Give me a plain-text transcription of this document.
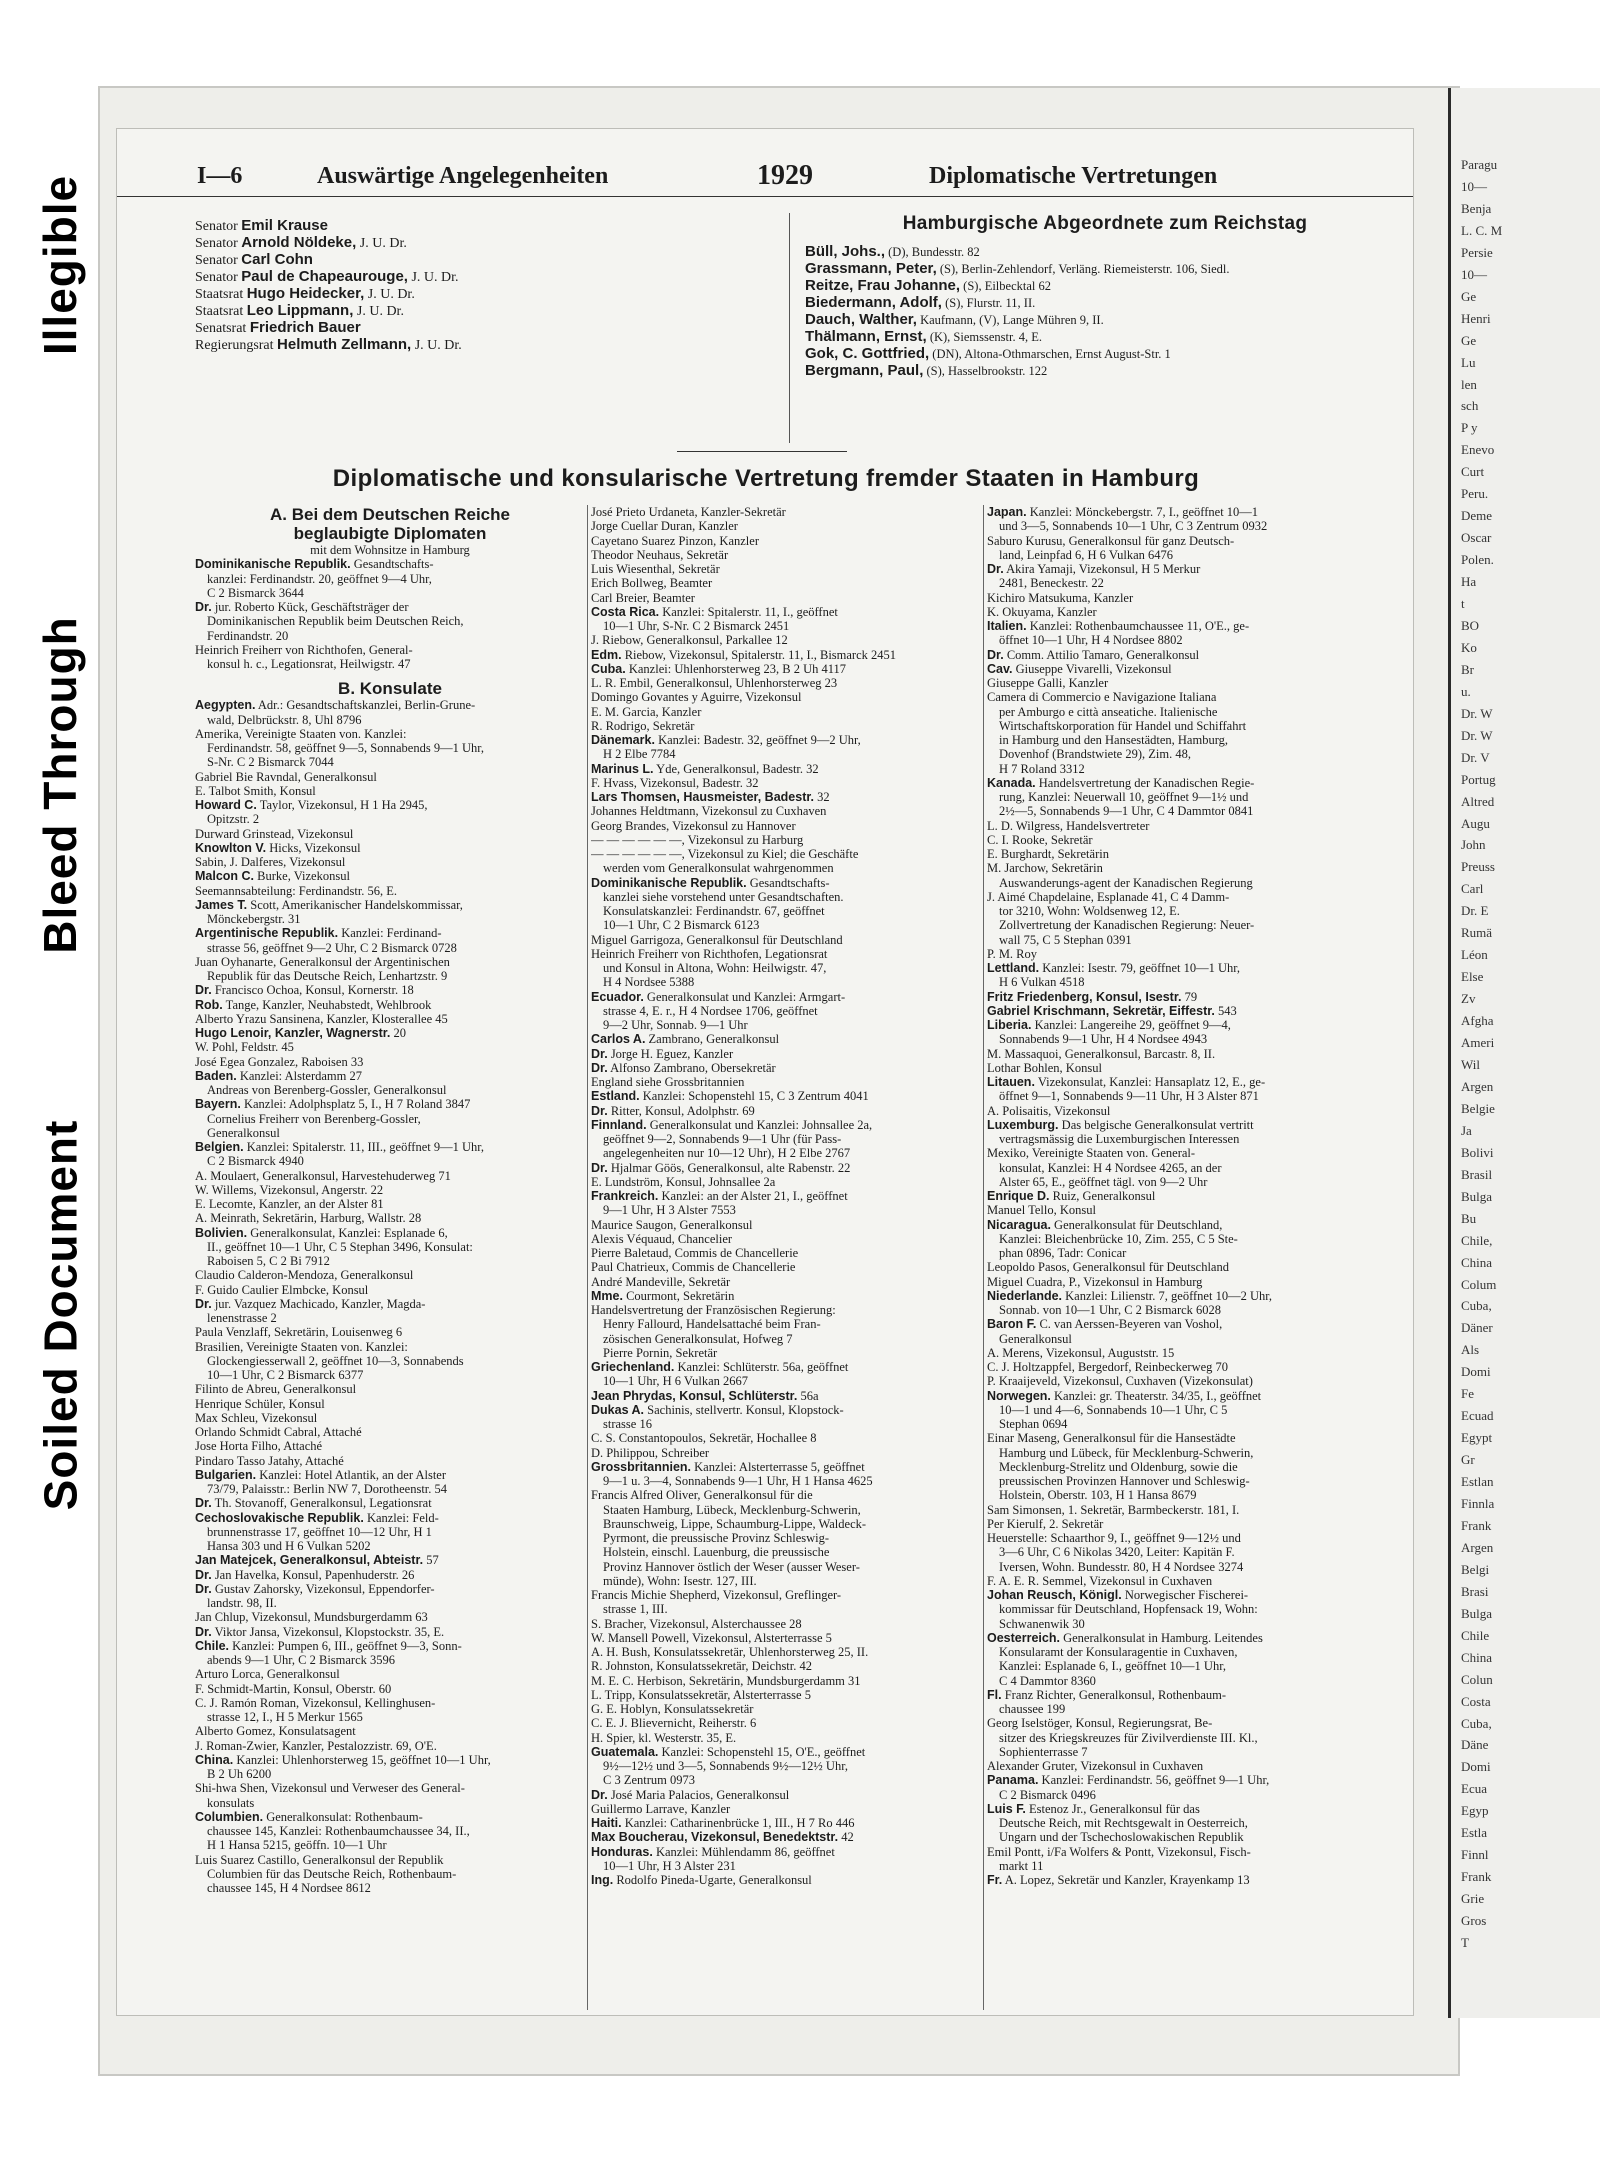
Illegible
Bleed Through
Soiled Document
Paragu
10—
Benja
L. C. M
Persie
10—
Ge
Henri
Ge
Lu
len
sch
P y
Enevo
Curt
Peru.
Deme
Oscar
Polen.
Ha
t
BO
Ko
Br
u.
Dr. W
Dr. W
Dr. V
Portug
Altred
Augu
John
Preuss
Carl
Dr. E
Rumä
Léon
Else
Zv
Afgha
Ameri
Wil
Argen
Belgie
Ja
Bolivi
Brasil
Bulga
Bu
Chile,
China
Colum
Cuba,
Däner
Als
Domi
Fe
Ecuad
Egypt
Gr
Estlan
Finnla
Frank
Argen
Belgi
Brasi
Bulga
Chile
China
Colun
Costa
Cuba,
Däne
Domi
Ecua
Egyp
Estla
Finnl
Frank
Grie
Gros
T
I—6	Auswärtige Angelegenheiten	1929	Diplomatische Vertretungen
Senator Emil Krause
Senator Arnold Nöldeke, J. U. Dr.
Senator Carl Cohn
Senator Paul de Chapeaurouge, J. U. Dr.
Staatsrat Hugo Heidecker, J. U. Dr.
Staatsrat Leo Lippmann, J. U. Dr.
Senatsrat Friedrich Bauer
Regierungsrat Helmuth Zellmann, J. U. Dr.
Hamburgische Abgeordnete zum Reichstag
Büll, Johs., (D), Bundesstr. 82
Grassmann, Peter, (S), Berlin-Zehlendorf, Verläng. Riemeisterstr. 106, Siedl.
Reitze, Frau Johanne, (S), Eilbecktal 62
Biedermann, Adolf, (S), Flurstr. 11, II.
Dauch, Walther, Kaufmann, (V), Lange Mühren 9, II.
Thälmann, Ernst, (K), Siemssenstr. 4, E.
Gok, C. Gottfried, (DN), Altona-Othmarschen, Ernst August-Str. 1
Bergmann, Paul, (S), Hasselbrookstr. 122
Diplomatische und konsularische Vertretung fremder Staaten in Hamburg
A. Bei dem Deutschen Reiche
beglaubigte Diplomaten
mit dem Wohnsitze in Hamburg
Dominikanische Republik. Gesandtschafts-
kanzlei: Ferdinandstr. 20, geöffnet 9—4 Uhr,
C 2 Bismarck 3644
Dr. jur. Roberto Kück, Geschäftsträger der
Dominikanischen Republik beim Deutschen Reich,
Ferdinandstr. 20
Heinrich Freiherr von Richthofen, General-
konsul h. c., Legationsrat, Heilwigstr. 47
B. Konsulate
Aegypten. Adr.: Gesandtschaftskanzlei, Berlin-Grune-
wald, Delbrückstr. 8, Uhl 8796
Amerika, Vereinigte Staaten von. Kanzlei:
Ferdinandstr. 58, geöffnet 9—5, Sonnabends 9—1 Uhr,
S-Nr. C 2 Bismarck 7044
Gabriel Bie Ravndal, Generalkonsul
E. Talbot Smith, Konsul
Howard C. Taylor, Vizekonsul, H 1 Ha 2945,
Opitzstr. 2
Durward Grinstead, Vizekonsul
Knowlton V. Hicks, Vizekonsul
Sabin, J. Dalferes, Vizekonsul
Malcon C. Burke, Vizekonsul
Seemannsabteilung: Ferdinandstr. 56, E.
James T. Scott, Amerikanischer Handelskommissar,
Mönckebergstr. 31
Argentinische Republik. Kanzlei: Ferdinand-
strasse 56, geöffnet 9—2 Uhr, C 2 Bismarck 0728
Juan Oyhanarte, Generalkonsul der Argentinischen
Republik für das Deutsche Reich, Lenhartzstr. 9
Dr. Francisco Ochoa, Konsul, Kornerstr. 18
Rob. Tange, Kanzler, Neuhabstedt, Wehlbrook
Alberto Yrazu Sansinena, Kanzler, Klosterallee 45
Hugo Lenoir, Kanzler, Wagnerstr. 20
W. Pohl, Feldstr. 45
José Egea Gonzalez, Raboisen 33
Baden. Kanzlei: Alsterdamm 27
Andreas von Berenberg-Gossler, Generalkonsul
Bayern. Kanzlei: Adolphsplatz 5, I., H 7 Roland 3847
Cornelius Freiherr von Berenberg-Gossler,
Generalkonsul
Belgien. Kanzlei: Spitalerstr. 11, III., geöffnet 9—1 Uhr,
C 2 Bismarck 4940
A. Moulaert, Generalkonsul, Harvestehuderweg 71
W. Willems, Vizekonsul, Angerstr. 22
E. Lecomte, Kanzler, an der Alster 81
A. Meinrath, Sekretärin, Harburg, Wallstr. 28
Bolivien. Generalkonsulat, Kanzlei: Esplanade 6,
II., geöffnet 10—1 Uhr, C 5 Stephan 3496, Konsulat:
Raboisen 5, C 2 Bi 7912
Claudio Calderon-Mendoza, Generalkonsul
F. Guido Caulier Elmbcke, Konsul
Dr. jur. Vazquez Machicado, Kanzler, Magda-
lenenstrasse 2
Paula Venzlaff, Sekretärin, Louisenweg 6
Brasilien, Vereinigte Staaten von. Kanzlei:
Glockengiesserwall 2, geöffnet 10—3, Sonnabends
10—1 Uhr, C 2 Bismarck 6377
Filinto de Abreu, Generalkonsul
Henrique Schüler, Konsul
Max Schleu, Vizekonsul
Orlando Schmidt Cabral, Attaché
Jose Horta Filho, Attaché
Pindaro Tasso Jatahy, Attaché
Bulgarien. Kanzlei: Hotel Atlantik, an der Alster
73/79, Palaisstr.: Berlin NW 7, Dorotheenstr. 54
Dr. Th. Stovanoff, Generalkonsul, Legationsrat
Cechoslovakische Republik. Kanzlei: Feld-
brunnenstrasse 17, geöffnet 10—12 Uhr, H 1
Hansa 303 und H 6 Vulkan 5202
Jan Matejcek, Generalkonsul, Abteistr. 57
Dr. Jan Havelka, Konsul, Papenhuderstr. 26
Dr. Gustav Zahorsky, Vizekonsul, Eppendorfer-
landstr. 98, II.
Jan Chlup, Vizekonsul, Mundsburgerdamm 63
Dr. Viktor Jansa, Vizekonsul, Klopstockstr. 35, E.
Chile. Kanzlei: Pumpen 6, III., geöffnet 9—3, Sonn-
abends 9—1 Uhr, C 2 Bismarck 3596
Arturo Lorca, Generalkonsul
F. Schmidt-Martin, Konsul, Oberstr. 60
C. J. Ramón Roman, Vizekonsul, Kellinghusen-
strasse 12, I., H 5 Merkur 1565
Alberto Gomez, Konsulatsagent
J. Roman-Zwier, Kanzler, Pestalozzistr. 69, O'E.
China. Kanzlei: Uhlenhorsterweg 15, geöffnet 10—1 Uhr,
B 2 Uh 6200
Shi-hwa Shen, Vizekonsul und Verweser des General-
konsulats
Columbien. Generalkonsulat: Rothenbaum-
chaussee 145, Kanzlei: Rothenbaumchaussee 34, II.,
H 1 Hansa 5215, geöffn. 10—1 Uhr
Luis Suarez Castillo, Generalkonsul der Republik
Columbien für das Deutsche Reich, Rothenbaum-
chaussee 145, H 4 Nordsee 8612
José Prieto Urdaneta, Kanzler-Sekretär
Jorge Cuellar Duran, Kanzler
Cayetano Suarez Pinzon, Kanzler
Theodor Neuhaus, Sekretär
Luis Wiesenthal, Sekretär
Erich Bollweg, Beamter
Carl Breier, Beamter
Costa Rica. Kanzlei: Spitalerstr. 11, I., geöffnet
10—1 Uhr, S-Nr. C 2 Bismarck 2451
J. Riebow, Generalkonsul, Parkallee 12
Edm. Riebow, Vizekonsul, Spitalerstr. 11, I., Bismarck 2451
Cuba. Kanzlei: Uhlenhorsterweg 23, B 2 Uh 4117
L. R. Embil, Generalkonsul, Uhlenhorsterweg 23
Domingo Govantes y Aguirre, Vizekonsul
E. M. Garcia, Kanzler
R. Rodrigo, Sekretär
Dänemark. Kanzlei: Badestr. 32, geöffnet 9—2 Uhr,
H 2 Elbe 7784
Marinus L. Yde, Generalkonsul, Badestr. 32
F. Hvass, Vizekonsul, Badestr. 32
Lars Thomsen, Hausmeister, Badestr. 32
Johannes Heldtmann, Vizekonsul zu Cuxhaven
Georg Brandes, Vizekonsul zu Hannover
— — — — — —, Vizekonsul zu Harburg
— — — — — —, Vizekonsul zu Kiel; die Geschäfte
werden vom Generalkonsulat wahrgenommen
Dominikanische Republik. Gesandtschafts-
kanzlei siehe vorstehend unter Gesandtschaften.
Konsulatskanzlei: Ferdinandstr. 67, geöffnet
10—1 Uhr, C 2 Bismarck 6123
Miguel Garrigoza, Generalkonsul für Deutschland
Heinrich Freiherr von Richthofen, Legationsrat
und Konsul in Altona, Wohn: Heilwigstr. 47,
H 4 Nordsee 5388
Ecuador. Generalkonsulat und Kanzlei: Armgart-
strasse 4, E. r., H 4 Nordsee 1706, geöffnet
9—2 Uhr, Sonnab. 9—1 Uhr
Carlos A. Zambrano, Generalkonsul
Dr. Jorge H. Eguez, Kanzler
Dr. Alfonso Zambrano, Obersekretär
England siehe Grossbritannien
Estland. Kanzlei: Schopenstehl 15, C 3 Zentrum 4041
Dr. Ritter, Konsul, Adolphstr. 69
Finnland. Generalkonsulat und Kanzlei: Johnsallee 2a,
geöffnet 9—2, Sonnabends 9—1 Uhr (für Pass-
angelegenheiten nur 10—12 Uhr), H 2 Elbe 2767
Dr. Hjalmar Göös, Generalkonsul, alte Rabenstr. 22
E. Lundström, Konsul, Johnsallee 2a
Frankreich. Kanzlei: an der Alster 21, I., geöffnet
9—1 Uhr, H 3 Alster 7553
Maurice Saugon, Generalkonsul
Alexis Véquaud, Chancelier
Pierre Baletaud, Commis de Chancellerie
Paul Chatrieux, Commis de Chancellerie
André Mandeville, Sekretär
Mme. Courmont, Sekretärin
Handelsvertretung der Französischen Regierung:
Henry Fallourd, Handelsattaché beim Fran-
zösischen Generalkonsulat, Hofweg 7
Pierre Pornin, Sekretär
Griechenland. Kanzlei: Schlüterstr. 56a, geöffnet
10—1 Uhr, H 6 Vulkan 2667
Jean Phrydas, Konsul, Schlüterstr. 56a
Dukas A. Sachinis, stellvertr. Konsul, Klopstock-
strasse 16
C. S. Constantopoulos, Sekretär, Hochallee 8
D. Philippou, Schreiber
Grossbritannien. Kanzlei: Alsterterrasse 5, geöffnet
9—1 u. 3—4, Sonnabends 9—1 Uhr, H 1 Hansa 4625
Francis Alfred Oliver, Generalkonsul für die
Staaten Hamburg, Lübeck, Mecklenburg-Schwerin,
Braunschweig, Lippe, Schaumburg-Lippe, Waldeck-
Pyrmont, die preussische Provinz Schleswig-
Holstein, einschl. Lauenburg, die preussische
Provinz Hannover östlich der Weser (ausser Weser-
münde), Wohn: Isestr. 127, III.
Francis Michie Shepherd, Vizekonsul, Greflinger-
strasse 1, III.
S. Bracher, Vizekonsul, Alsterchaussee 28
W. Mansell Powell, Vizekonsul, Alsterterrasse 5
A. H. Bush, Konsulatssekretär, Uhlenhorsterweg 25, II.
R. Johnston, Konsulatssekretär, Deichstr. 42
M. E. C. Herbison, Sekretärin, Mundsburgerdamm 31
L. Tripp, Konsulatssekretär, Alsterterrasse 5
G. E. Hoblyn, Konsulatssekretär
C. E. J. Blievernicht, Reiherstr. 6
H. Spier, kl. Westerstr. 35, E.
Guatemala. Kanzlei: Schopenstehl 15, O'E., geöffnet
9½—12½ und 3—5, Sonnabends 9½—12½ Uhr,
C 3 Zentrum 0973
Dr. José Maria Palacios, Generalkonsul
Guillermo Larrave, Kanzler
Haiti. Kanzlei: Catharinenbrücke 1, III., H 7 Ro 446
Max Boucherau, Vizekonsul, Benedektstr. 42
Honduras. Kanzlei: Mühlendamm 86, geöffnet
10—1 Uhr, H 3 Alster 231
Ing. Rodolfo Pineda-Ugarte, Generalkonsul
Japan. Kanzlei: Mönckebergstr. 7, I., geöffnet 10—1
und 3—5, Sonnabends 10—1 Uhr, C 3 Zentrum 0932
Saburo Kurusu, Generalkonsul für ganz Deutsch-
land, Leinpfad 6, H 6 Vulkan 6476
Dr. Akira Yamaji, Vizekonsul, H 5 Merkur
2481, Beneckestr. 22
Kichiro Matsukuma, Kanzler
K. Okuyama, Kanzler
Italien. Kanzlei: Rothenbaumchaussee 11, O'E., ge-
öffnet 10—1 Uhr, H 4 Nordsee 8802
Dr. Comm. Attilio Tamaro, Generalkonsul
Cav. Giuseppe Vivarelli, Vizekonsul
Giuseppe Galli, Kanzler
Camera di Commercio e Navigazione Italiana
per Amburgo e città anseatiche. Italienische
Wirtschaftskorporation für Handel und Schiffahrt
in Hamburg und den Hansestädten, Hamburg,
Dovenhof (Brandstwiete 29), Zim. 48,
H 7 Roland 3312
Kanada. Handelsvertretung der Kanadischen Regie-
rung, Kanzlei: Neuerwall 10, geöffnet 9—1½ und
2½—5, Sonnabends 9—1 Uhr, C 4 Dammtor 0841
L. D. Wilgress, Handelsvertreter
C. I. Rooke, Sekretär
E. Burghardt, Sekretärin
M. Jarchow, Sekretärin
Auswanderungs-agent der Kanadischen Regierung
J. Aimé Chapdelaine, Esplanade 41, C 4 Damm-
tor 3210, Wohn: Woldsenweg 12, E.
Zollvertretung der Kanadischen Regierung: Neuer-
wall 75, C 5 Stephan 0391
P. M. Roy
Lettland. Kanzlei: Isestr. 79, geöffnet 10—1 Uhr,
H 6 Vulkan 4518
Fritz Friedenberg, Konsul, Isestr. 79
Gabriel Krischmann, Sekretär, Eiffestr. 543
Liberia. Kanzlei: Langereihe 29, geöffnet 9—4,
Sonnabends 9—1 Uhr, H 4 Nordsee 4943
M. Massaquoi, Generalkonsul, Barcastr. 8, II.
Lothar Bohlen, Konsul
Litauen. Vizekonsulat, Kanzlei: Hansaplatz 12, E., ge-
öffnet 9—1, Sonnabends 9—11 Uhr, H 3 Alster 871
A. Polisaitis, Vizekonsul
Luxemburg. Das belgische Generalkonsulat vertritt
vertragsmässig die Luxemburgischen Interessen
Mexiko, Vereinigte Staaten von. General-
konsulat, Kanzlei: H 4 Nordsee 4265, an der
Alster 65, E., geöffnet tägl. von 9—2 Uhr
Enrique D. Ruiz, Generalkonsul
Manuel Tello, Konsul
Nicaragua. Generalkonsulat für Deutschland,
Kanzlei: Bleichenbrücke 10, Zim. 255, C 5 Ste-
phan 0896, Tadr: Conicar
Leopoldo Pasos, Generalkonsul für Deutschland
Miguel Cuadra, P., Vizekonsul in Hamburg
Niederlande. Kanzlei: Lilienstr. 7, geöffnet 10—2 Uhr,
Sonnab. von 10—1 Uhr, C 2 Bismarck 6028
Baron F. C. van Aerssen-Beyeren van Voshol,
Generalkonsul
A. Merens, Vizekonsul, Auguststr. 15
C. J. Holtzappfel, Bergedorf, Reinbeckerweg 70
P. Kraaijeveld, Vizekonsul, Cuxhaven (Vizekonsulat)
Norwegen. Kanzlei: gr. Theaterstr. 34/35, I., geöffnet
10—1 und 4—6, Sonnabends 10—1 Uhr, C 5
Stephan 0694
Einar Maseng, Generalkonsul für die Hansestädte
Hamburg und Lübeck, für Mecklenburg-Schwerin,
Mecklenburg-Strelitz und Oldenburg, sowie die
preussischen Provinzen Hannover und Schleswig-
Holstein, Oberstr. 103, H 1 Hansa 8679
Sam Simonsen, 1. Sekretär, Barmbeckerstr. 181, I.
Per Kierulf, 2. Sekretär
Heuerstelle: Schaarthor 9, I., geöffnet 9—12½ und
3—6 Uhr, C 6 Nikolas 3420, Leiter: Kapitän F.
Iversen, Wohn. Bundesstr. 80, H 4 Nordsee 3274
F. A. E. R. Semmel, Vizekonsul in Cuxhaven
Johan Reusch, Königl. Norwegischer Fischerei-
kommissar für Deutschland, Hopfensack 19, Wohn:
Schwanenwik 30
Oesterreich. Generalkonsulat in Hamburg. Leitendes
Konsularamt der Konsularagentie in Cuxhaven,
Kanzlei: Esplanade 6, I., geöffnet 10—1 Uhr,
C 4 Dammtor 8360
Fl. Franz Richter, Generalkonsul, Rothenbaum-
chaussee 199
Georg Iselstöger, Konsul, Regierungsrat, Be-
sitzer des Kriegskreuzes für Zivilverdienste III. Kl.,
Sophienterrasse 7
Alexander Gruter, Vizekonsul in Cuxhaven
Panama. Kanzlei: Ferdinandstr. 56, geöffnet 9—1 Uhr,
C 2 Bismarck 0496
Luis F. Estenoz Jr., Generalkonsul für das
Deutsche Reich, mit Rechtsgewalt in Oesterreich,
Ungarn und der Tschechoslowakischen Republik
Emil Pontt, i/Fa Wolfers & Pontt, Vizekonsul, Fisch-
markt 11
Fr. A. Lopez, Sekretär und Kanzler, Krayenkamp 13
